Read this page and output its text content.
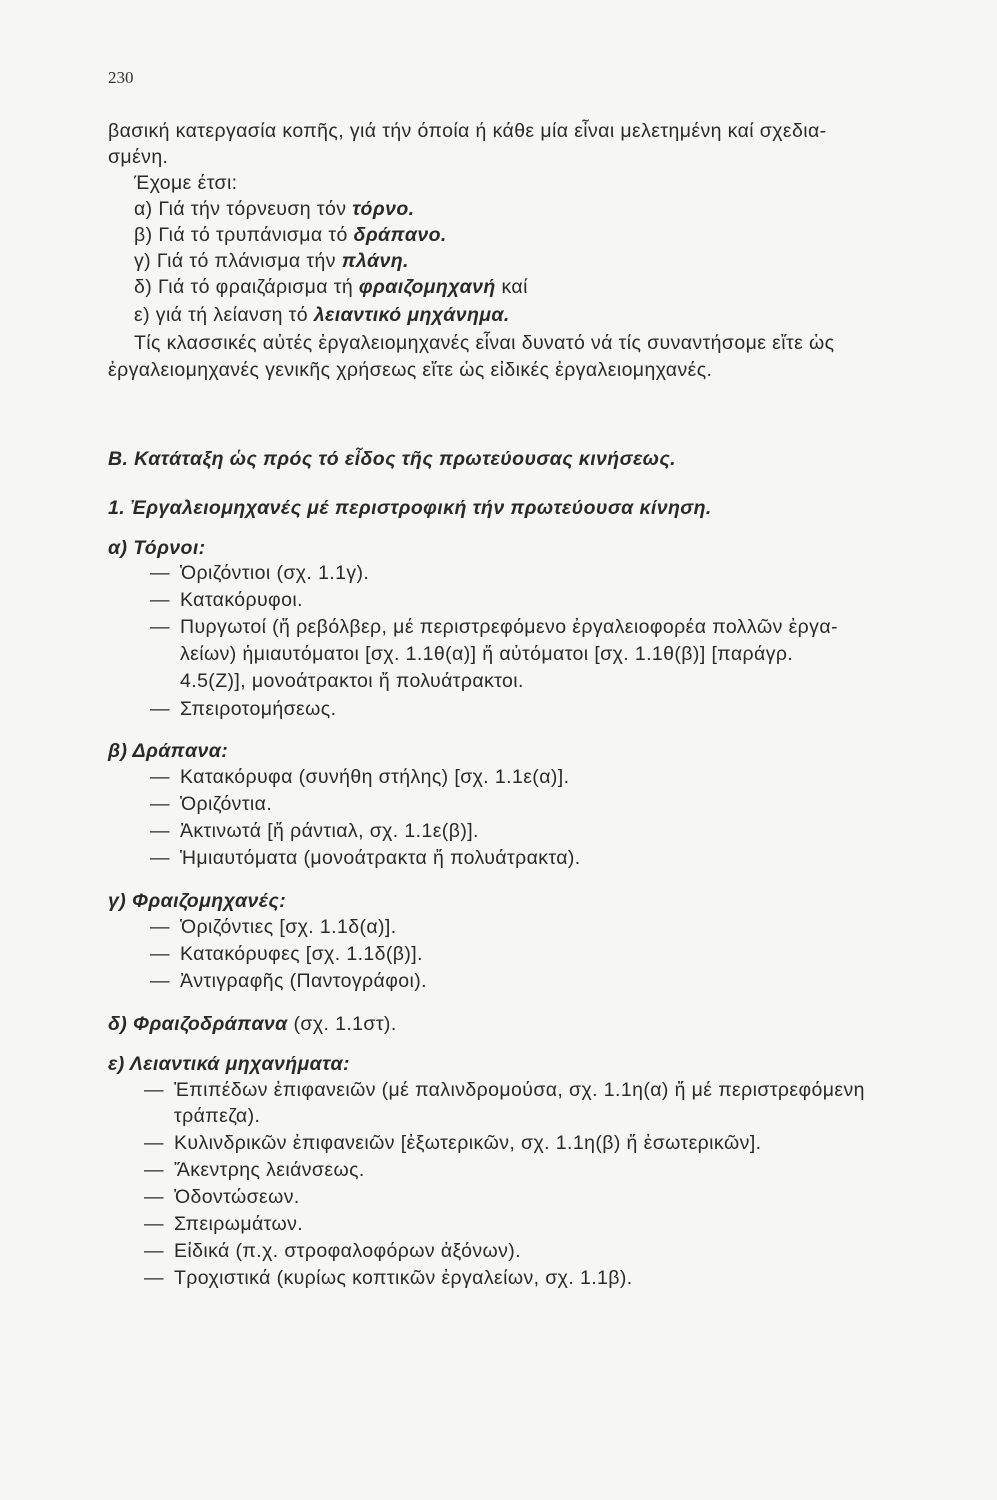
230
βασική κατεργασία κοπῆς, γιά τήν όποία ή κάθε μία εἶναι μελετημένη καί σχεδια-
σμένη.
Έχομε έτσι:
α) Γιά τήν τόρνευση τόν τόρνο.
β) Γιά τό τρυπάνισμα τό δράπανο.
γ) Γιά τό πλάνισμα τήν πλάνη.
δ) Γιά τό φραιζάρισμα τή φραιζομηχανή καί
ε) γιά τή λείανση τό λειαντικό μηχάνημα.
Τίς κλασσικές αὐτές ἐργαλειομηχανές εἶναι δυνατό νά τίς συναντήσομε εἴτε ὡς
ἐργαλειομηχανές γενικῆς χρήσεως εἴτε ὡς εἰδικές ἐργαλειομηχανές.
Β. Κατάταξη ὡς πρός τό εἶδος τῆς πρωτεύουσας κινήσεως.
1. Ἐργαλειομηχανές μέ περιστροφική τήν πρωτεύουσα κίνηση.
α) Τόρνοι:
— Ὁριζόντιοι (σχ. 1.1γ).
— Κατακόρυφοι.
— Πυργωτοί (ἤ ρεβόλβερ, μέ περιστρεφόμενο ἐργαλειοφορέα πολλῶν ἐργα-
λείων) ἡμιαυτόματοι [σχ. 1.1θ(α)] ἤ αὐτόματοι [σχ. 1.1θ(β)] [παράγρ.
4.5(Ζ)], μονοάτρακτοι ἤ πολυάτρακτοι.
— Σπειροτομήσεως.
β) Δράπανα:
— Κατακόρυφα (συνήθη στήλης) [σχ. 1.1ε(α)].
— Ὁριζόντια.
— Ἀκτινωτά [ἤ ράντιαλ, σχ. 1.1ε(β)].
— Ἡμιαυτόματα (μονοάτρακτα ἤ πολυάτρακτα).
γ) Φραιζομηχανές:
— Ὁριζόντιες [σχ. 1.1δ(α)].
— Κατακόρυφες [σχ. 1.1δ(β)].
— Ἀντιγραφῆς (Παντογράφοι).
δ) Φραιζοδράπανα (σχ. 1.1στ).
ε) Λειαντικά μηχανήματα:
— Ἐπιπέδων ἐπιφανειῶν (μέ παλινδρομούσα, σχ. 1.1η(α) ἤ μέ περιστρεφόμενη
τράπεζα).
— Κυλινδρικῶν ἐπιφανειῶν [ἐξωτερικῶν, σχ. 1.1η(β) ἤ ἐσωτερικῶν].
— Ἄκεντρης λειάνσεως.
— Ὀδοντώσεων.
— Σπειρωμάτων.
— Εἰδικά (π.χ. στροφαλοφόρων ἀξόνων).
— Τροχιστικά (κυρίως κοπτικῶν ἐργαλείων, σχ. 1.1β).
